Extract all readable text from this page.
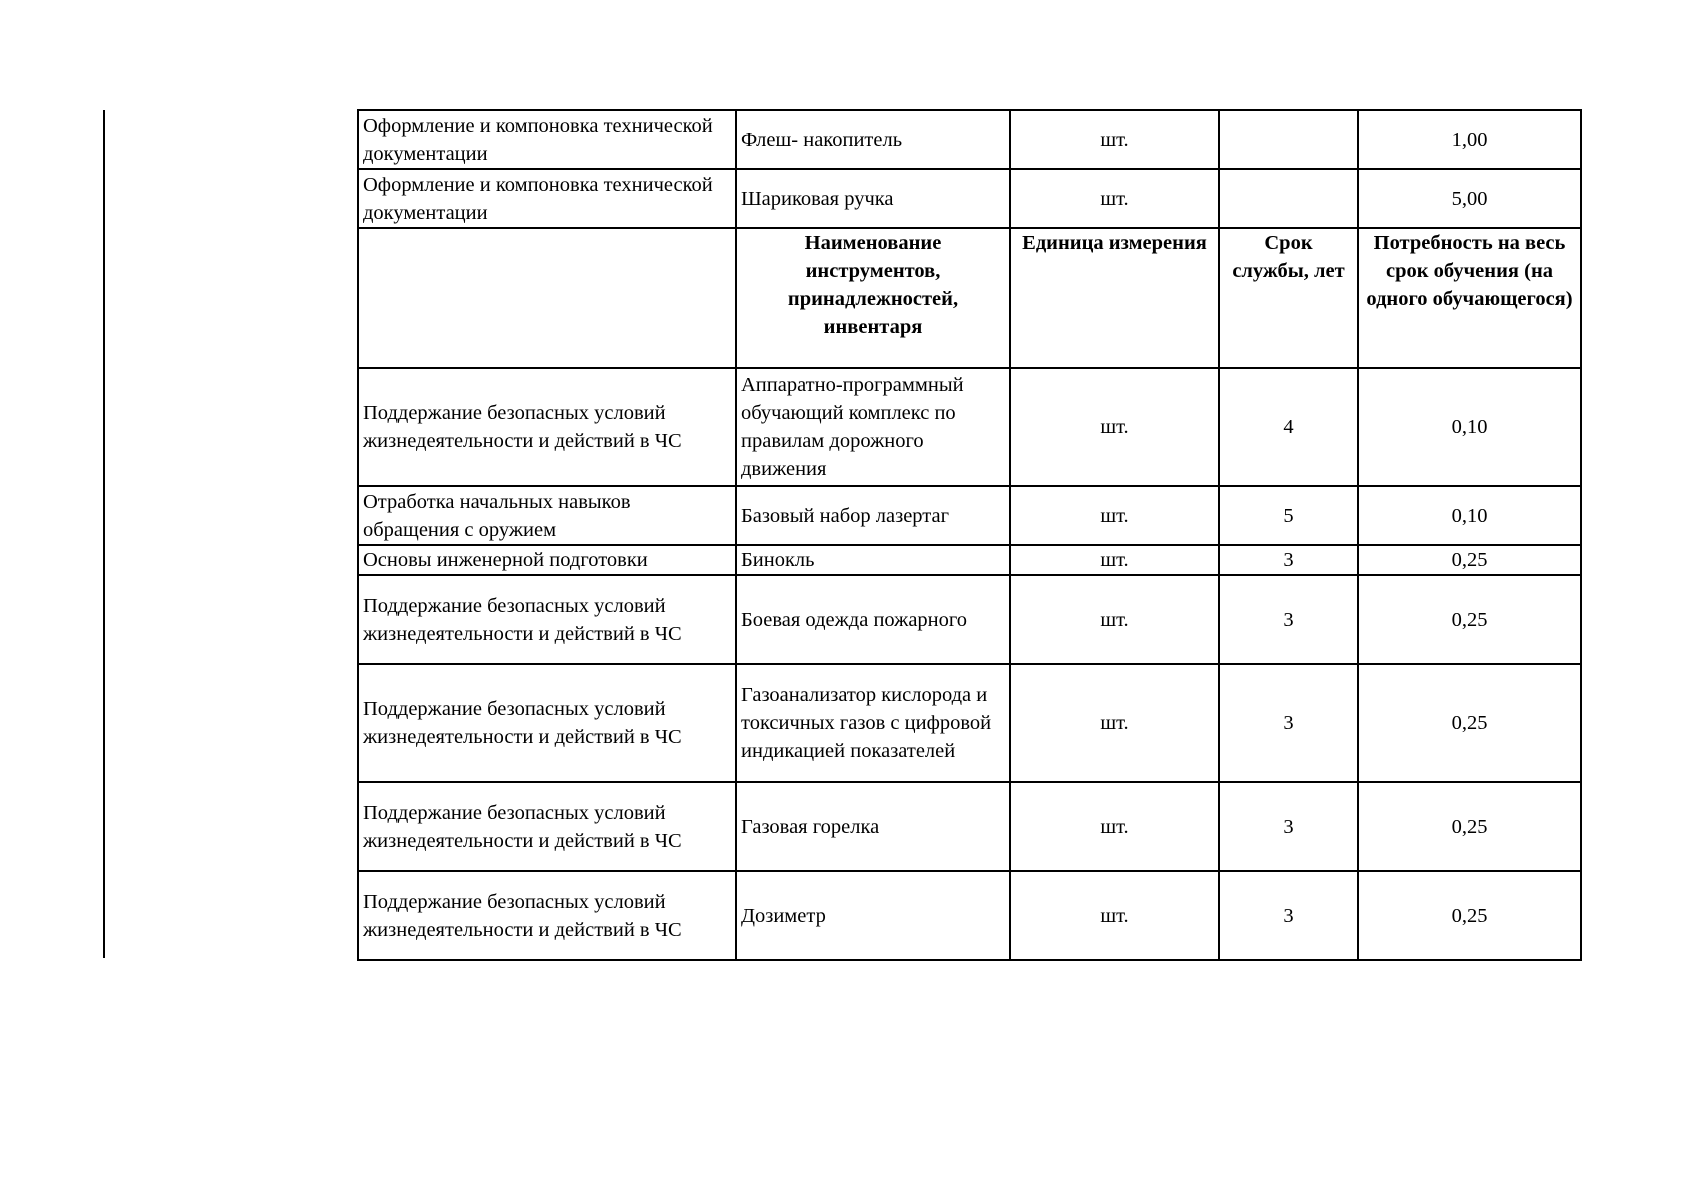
Оформление и компоновка технической документации	Флеш- накопитель	шт.		1,00
Оформление и компоновка технической документации	Шариковая ручка	шт.		5,00
	Наименование инструментов, принадлежностей, инвентаря	Единица измерения	Срок службы, лет	Потребность на весь срок обучения (на одного обучающегося)
Поддержание безопасных условий жизнедеятельности и действий в ЧС	Аппаратно-программный обучающий комплекс по правилам дорожного движения	шт.	4	0,10
Отработка начальных навыков обращения с оружием	Базовый набор лазертаг	шт.	5	0,10
Основы инженерной подготовки	Бинокль	шт.	3	0,25
Поддержание безопасных условий жизнедеятельности и действий в ЧС	Боевая одежда пожарного	шт.	3	0,25
Поддержание безопасных условий жизнедеятельности и действий в ЧС	Газоанализатор кислорода и токсичных газов с цифровой индикацией показателей	шт.	3	0,25
Поддержание безопасных условий жизнедеятельности и действий в ЧС	Газовая горелка	шт.	3	0,25
Поддержание безопасных условий жизнедеятельности и действий в ЧС	Дозиметр	шт.	3	0,25
